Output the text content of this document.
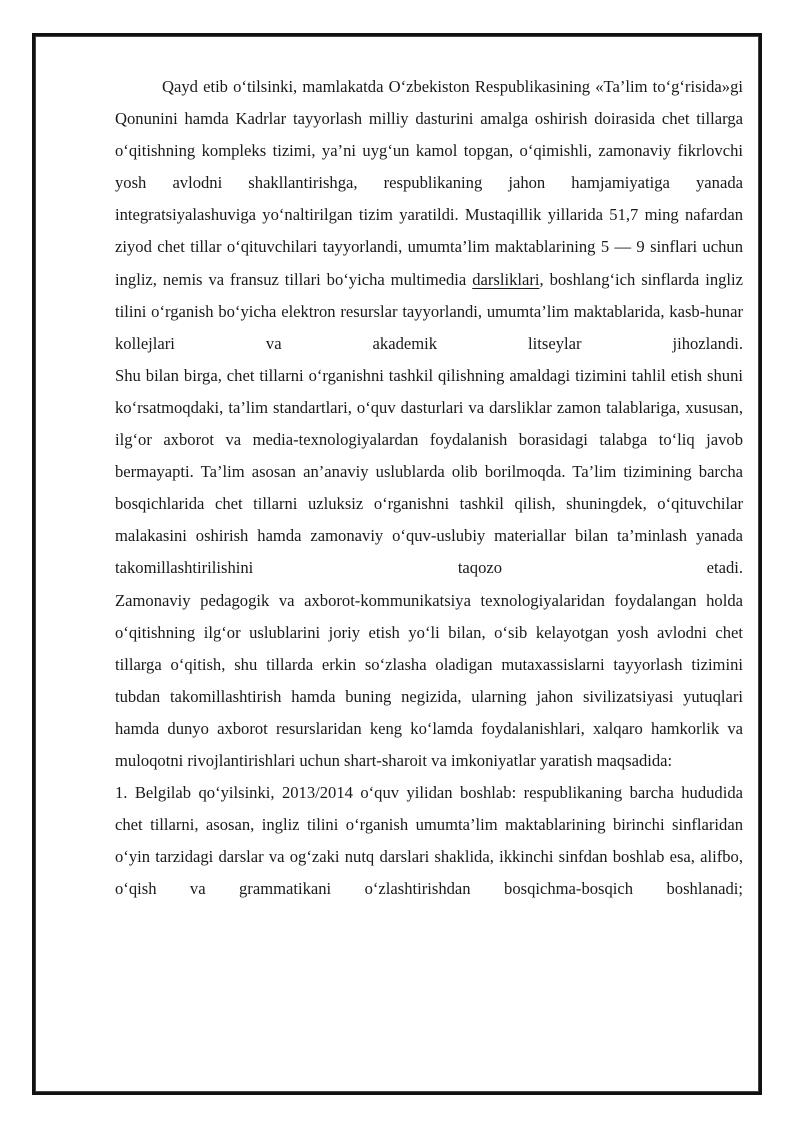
Qayd etib o‘tilsinki, mamlakatda O‘zbekiston Respublikasining «Ta’lim to‘g‘risida»gi Qonunini hamda Kadrlar tayyorlash milliy dasturini amalga oshirish doirasida chet tillarga o‘qitishning kompleks tizimi, ya’ni uyg‘un kamol topgan, o‘qimishli, zamonaviy fikrlovchi yosh avlodni shakllantirishga, respublikaning jahon hamjamiyatiga yanada integratsiyalashuviga yo‘naltirilgan tizim yaratildi. Mustaqillik yillarida 51,7 ming nafardan ziyod chet tillar o‘qituvchilari tayyorlandi, umumta’lim maktablarining 5 — 9 sinflari uchun ingliz, nemis va fransuz tillari bo‘yicha multimedia darsliklari, boshlang‘ich sinflarda ingliz tilini o‘rganish bo‘yicha elektron resurslar tayyorlandi, umumta’lim maktablarida, kasb-hunar kollejlari va akademik litseylar jihozlandi.

Shu bilan birga, chet tillarni o‘rganishni tashkil qilishning amaldagi tizimini tahlil etish shuni ko‘rsatmoqdaki, ta’lim standartlari, o‘quv dasturlari va darsliklar zamon talablariga, xususan, ilg‘or axborot va media-texnologiyalardan foydalanish borasidagi talabga to‘liq javob bermayapti. Ta’lim asosan an’anaviy uslublarda olib borilmoqda. Ta’lim tizimining barcha bosqichlarida chet tillarni uzluksiz o‘rganishni tashkil qilish, shuningdek, o‘qituvchilar malakasini oshirish hamda zamonaviy o‘quv-uslubiy materiallar bilan ta’minlash yanada takomillashtirilishini taqozo etadi.

Zamonaviy pedagogik va axborot-kommunikatsiya texnologiyalaridan foydalangan holda o‘qitishning ilg‘or uslublarini joriy etish yo‘li bilan, o‘sib kelayotgan yosh avlodni chet tillarga o‘qitish, shu tillarda erkin so‘zlasha oladigan mutaxassislarni tayyorlash tizimini tubdan takomillashtirish hamda buning negizida, ularning jahon sivilizatsiyasi yutuqlari hamda dunyo axborot resurslaridan keng ko‘lamda foydalanishlari, xalqaro hamkorlik va muloqotni rivojlantirishlari uchun shart-sharoit va imkoniyatlar yaratish maqsadida:

1. Belgilab qo‘yilsinki, 2013/2014 o‘quv yilidan boshlab: respublikaning barcha hududida chet tillarni, asosan, ingliz tilini o‘rganish umumta’lim maktablarining birinchi sinflaridan o‘yin tarzidagi darslar va og‘zaki nutq darslari shaklida, ikkinchi sinfdan boshlab esa, alifbo, o‘qish va grammatikani o‘zlashtirishdan bosqichma-bosqich boshlanadi;
